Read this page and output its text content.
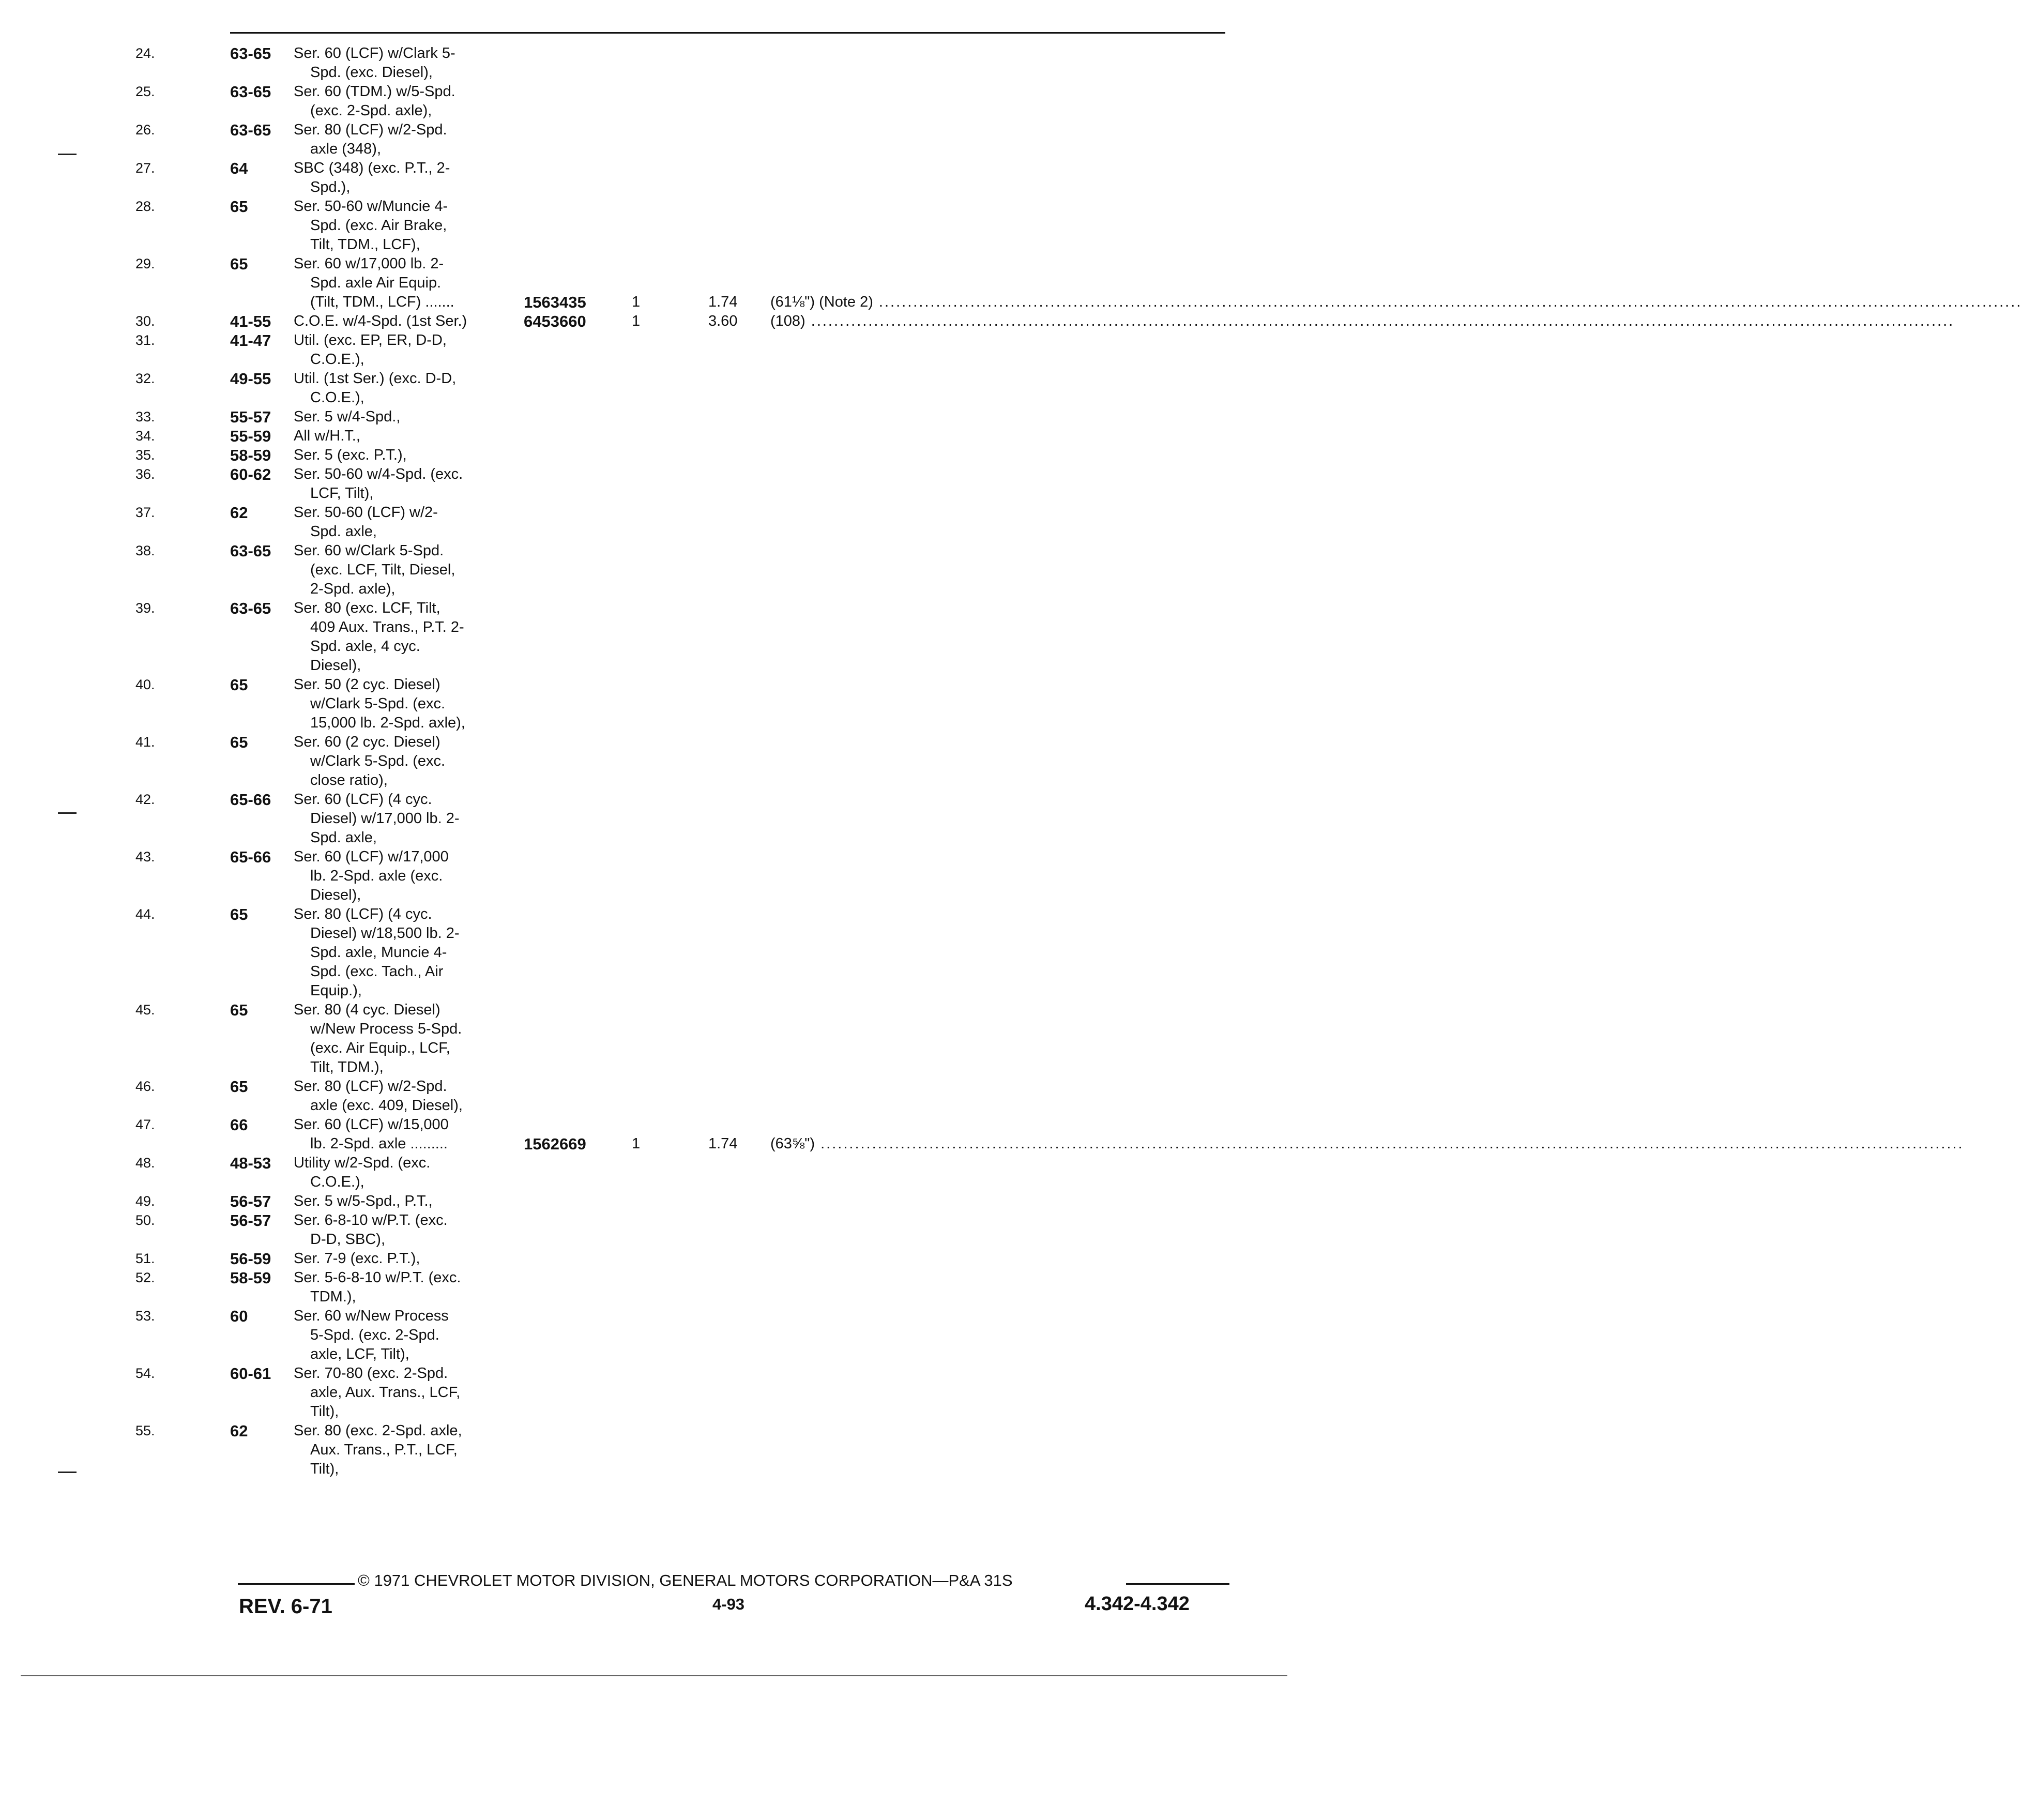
24.	63-65	Ser. 60 (LCF) w/Clark 5-
Spd. (exc. Diesel),
25.	63-65	Ser. 60 (TDM.) w/5-Spd.
(exc. 2-Spd. axle),
26.	63-65	Ser. 80 (LCF) w/2-Spd.
axle (348),
27.	64	SBC (348) (exc. P.T., 2-
Spd.),
28.	65	Ser. 50-60 w/Muncie 4-
Spd. (exc. Air Brake,
Tilt, TDM., LCF),
29.	65	Ser. 60 w/17,000 lb. 2-
Spd. axle Air Equip.
(Tilt, TDM., LCF) .......	1563435	1	1.74 (61⅛") (Note 2) ........................................................................................................................................................................................................
30.	41-55	C.O.E. w/4-Spd. (1st Ser.)	6453660	1	3.60 (108) ........................................................................................................................................................................................................
31.	41-47	Util. (exc. EP, ER, D-D,
C.O.E.),
32.	49-55	Util. (1st Ser.) (exc. D-D,
C.O.E.),
33.	55-57	Ser. 5 w/4-Spd.,
34.	55-59	All w/H.T.,
35.	58-59	Ser. 5 (exc. P.T.),
36.	60-62	Ser. 50-60 w/4-Spd. (exc.
LCF, Tilt),
37.	62	Ser. 50-60 (LCF) w/2-
Spd. axle,
38.	63-65	Ser. 60 w/Clark 5-Spd.
(exc. LCF, Tilt, Diesel,
2-Spd. axle),
39.	63-65	Ser. 80 (exc. LCF, Tilt,
409 Aux. Trans., P.T. 2-
Spd. axle, 4 cyc.
Diesel),
40.	65	Ser. 50 (2 cyc. Diesel)
w/Clark 5-Spd. (exc.
15,000 lb. 2-Spd. axle),
41.	65	Ser. 60 (2 cyc. Diesel)
w/Clark 5-Spd. (exc.
close ratio),
42.	65-66	Ser. 60 (LCF) (4 cyc.
Diesel) w/17,000 lb. 2-
Spd. axle,
43.	65-66	Ser. 60 (LCF) w/17,000
lb. 2-Spd. axle (exc.
Diesel),
44.	65	Ser. 80 (LCF) (4 cyc.
Diesel) w/18,500 lb. 2-
Spd. axle, Muncie 4-
Spd. (exc. Tach., Air
Equip.),
45.	65	Ser. 80 (4 cyc. Diesel)
w/New Process 5-Spd.
(exc. Air Equip., LCF,
Tilt, TDM.),
46.	65	Ser. 80 (LCF) w/2-Spd.
axle (exc. 409, Diesel),
47.	66	Ser. 60 (LCF) w/15,000
lb. 2-Spd. axle .........	1562669	1	1.74 (63⅝") ........................................................................................................................................................................................................
48.	48-53	Utility w/2-Spd. (exc.
C.O.E.),
49.	56-57	Ser. 5 w/5-Spd., P.T.,
50.	56-57	Ser. 6-8-10 w/P.T. (exc.
D-D, SBC),
51.	56-59	Ser. 7-9 (exc. P.T.),
52.	58-59	Ser. 5-6-8-10 w/P.T. (exc.
TDM.),
53.	60	Ser. 60 w/New Process
5-Spd. (exc. 2-Spd.
axle, LCF, Tilt),
54.	60-61	Ser. 70-80 (exc. 2-Spd.
axle, Aux. Trans., LCF,
Tilt),
55.	62	Ser. 80 (exc. 2-Spd. axle,
Aux. Trans., P.T., LCF,
Tilt),
© 1971 CHEVROLET MOTOR DIVISION, GENERAL MOTORS CORPORATION—P&A 31S
REV. 6-71	4-93	4.342-4.342
